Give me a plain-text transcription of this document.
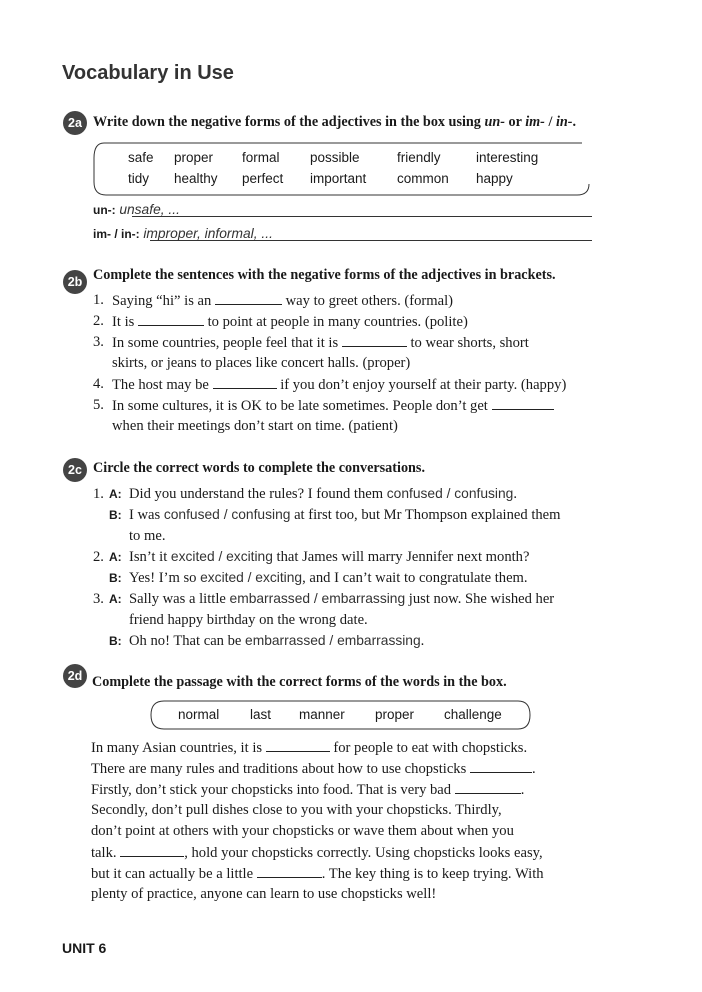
Vocabulary in Use
2a Write down the negative forms of the adjectives in the box using un- or im- / in-.
safe proper formal possible	friendly	interesting
tidy healthy perfect important common happy
un-: unsafe, ...
im- / in-: improper, informal, ...
2b Complete the sentences with the negative forms of the adjectives in brackets.
1. Saying “hi” is an	way to greet others. (formal)
2. It is	to point at people in many countries. (polite)
3. In some countries, people feel that it is	to wear shorts, short
skirts, or jeans to places like concert halls. (proper)
4. The host may be	if you don’t enjoy yourself at their party. (happy)
5. In some cultures, it is OK to be late sometimes. People don’t get
when their meetings don’t start on time. (patient)
2c Circle the correct words to complete the conversations.
1. A: Did you understand the rules? I found them confused / confusing.
B: I was confused / confusing at first too, but Mr Thompson explained them
to me.
2. A: Isn’t it excited / exciting that James will marry Jennifer next month?
B: Yes! I’m so excited / exciting, and I can’t wait to congratulate them.
3. A: Sally was a little embarrassed / embarrassing just now. She wished her
friend happy birthday on the wrong date.
B: Oh no! That can be embarrassed / embarrassing.
2d Complete the passage with the correct forms of the words in the box.
normal last manner proper challenge
In many Asian countries, it is	for people to eat with chopsticks.
There are many rules and traditions about how to use chopsticks	.
Firstly, don’t stick your chopsticks into food. That is very bad	.
Secondly, don’t pull dishes close to you with your chopsticks. Thirdly,
don’t point at others with your chopsticks or wave them about when you
talk.	, hold your chopsticks correctly. Using chopsticks looks easy,
but it can actually be a little	. The key thing is to keep trying. With
plenty of practice, anyone can learn to use chopsticks well!
UNIT 6
